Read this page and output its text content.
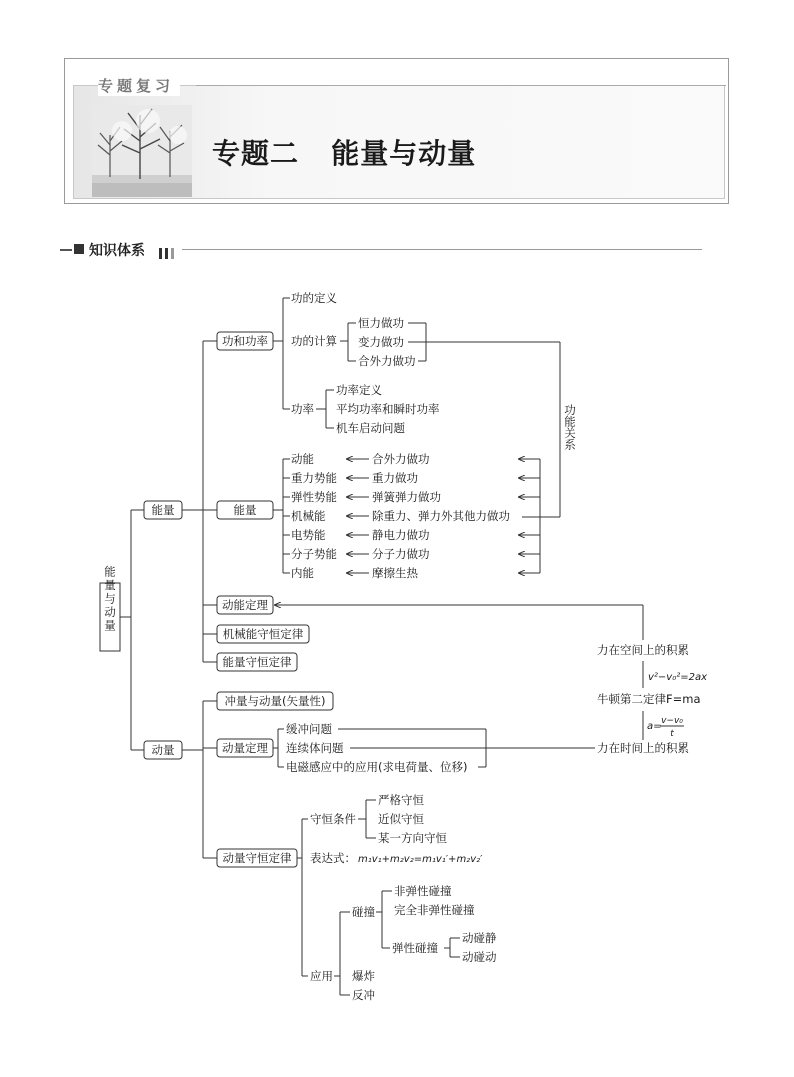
专题复习
专题二   能量与动量
知识体系
能量与动量
能量
功和功率
功的定义
功的计算
恒力做功
变力做功
合外力做功
功率
功率定义
平均功率和瞬时功率
机车启动问题	功能关系
能量
动能	合外力做功
重力势能	重力做功
弹性势能	弹簧弹力做功
机械能	除重力、弹力外其他力做功
电势能	静电力做功
分子势能	分子力做功
内能	摩擦生热
动能定理
机械能守恒定律
能量守恒定律
力在空间上的积累
v²−v₀²=2ax
牛顿第二定律F=ma
a= v−v₀
t
力在时间上的积累
动量
冲量与动量(矢量性)
动量定理
缓冲问题
连续体问题
电磁感应中的应用(求电荷量、位移)
动量守恒定律
守恒条件
严格守恒
近似守恒
某一方向守恒
表达式： m₁v₁+m₂v₂=m₁v₁′+m₂v₂′
应用
碰撞
非弹性碰撞
完全非弹性碰撞
弹性碰撞
动碰静
动碰动
爆炸
反冲
